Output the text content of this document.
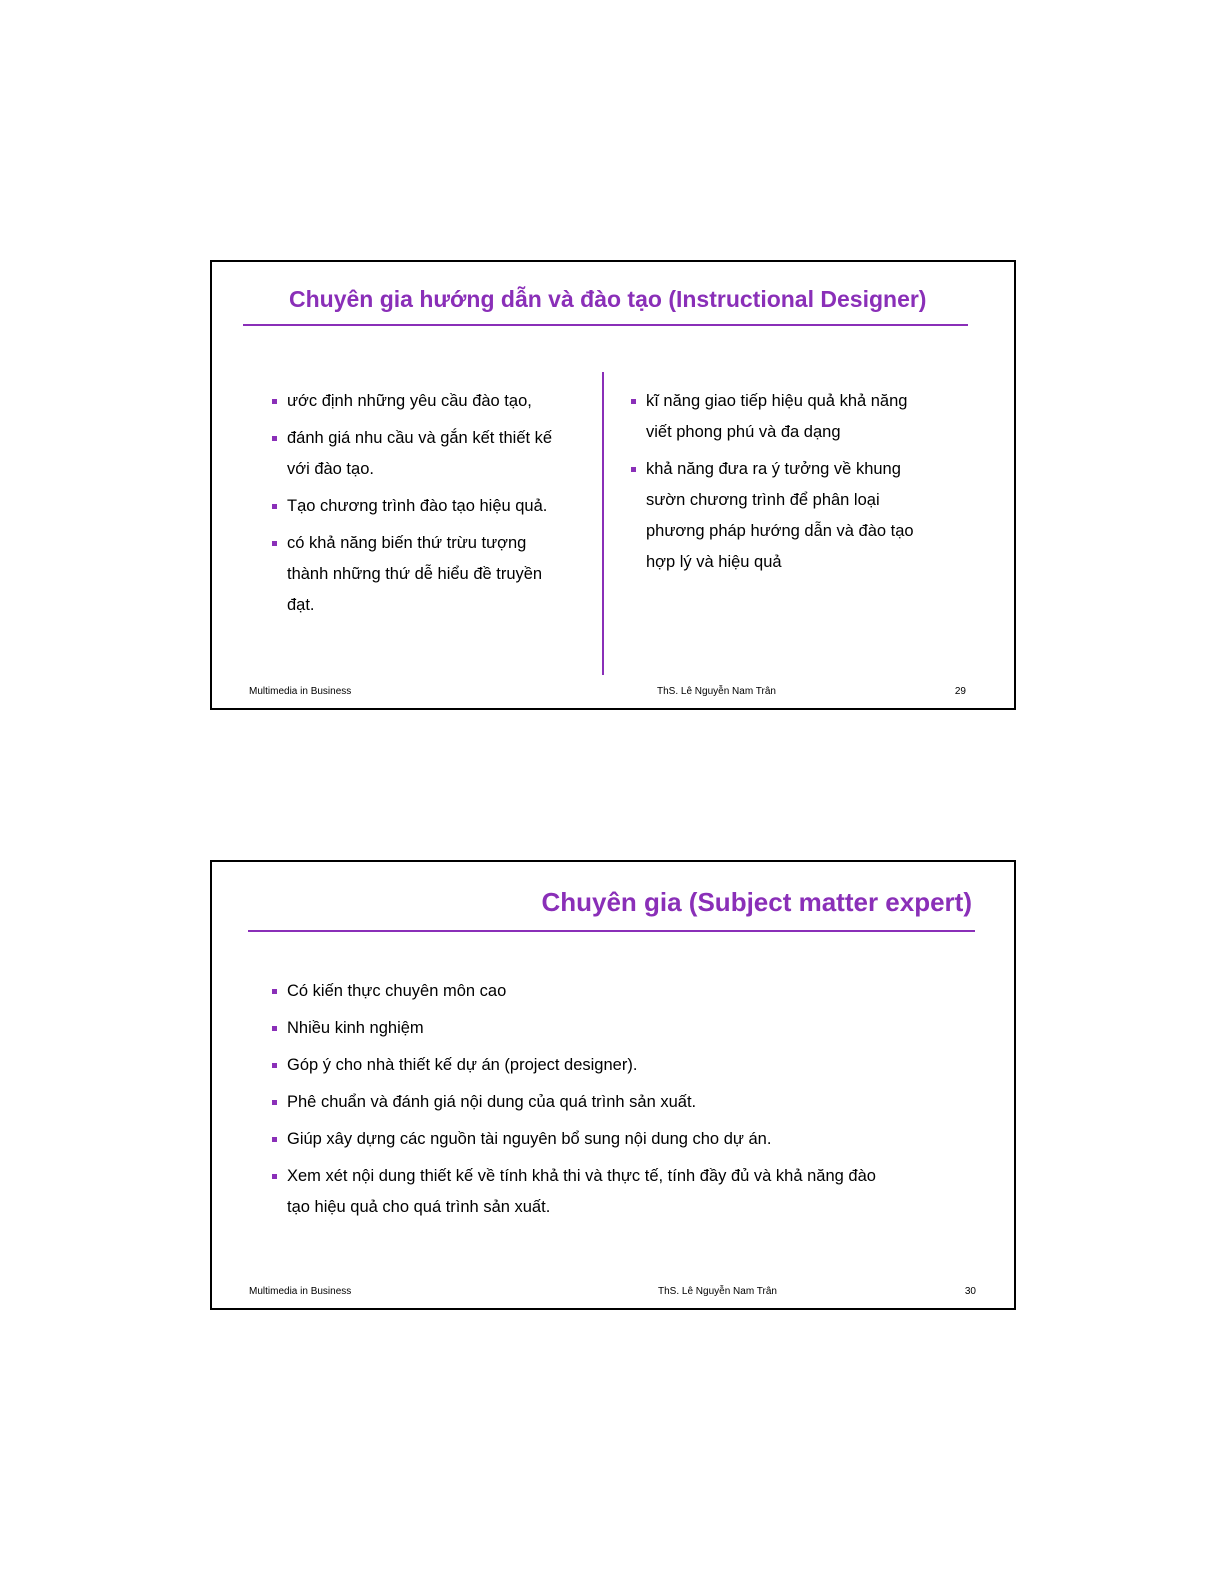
Chuyên gia hướng dẫn và đào tạo (Instructional Designer)
ước định những yêu cầu đào tạo,
đánh giá nhu cầu và gắn kết thiết kế với đào tạo.
Tạo chương trình đào tạo hiệu quả.
có khả năng biến thứ trừu tượng thành những thứ dễ hiểu đề truyền đạt.
kĩ năng giao tiếp hiệu quả khả năng viết phong phú và đa dạng
khả năng đưa ra ý tưởng về khung sườn chương trình để phân loại phương pháp hướng dẫn và đào tạo hợp lý và hiệu quả
Multimedia in Business	ThS. Lê Nguyễn Nam Trân	29
Chuyên gia (Subject matter expert)
Có kiến thực chuyên môn cao
Nhiều kinh nghiệm
Góp ý cho nhà thiết kế dự án (project designer).
Phê chuẩn và đánh giá nội dung của quá trình sản xuất.
Giúp xây dựng các nguồn tài nguyên bổ sung nội dung cho dự án.
Xem xét nội dung thiết kế về tính khả thi và thực tế, tính đầy đủ và khả năng đào tạo hiệu quả cho quá trình sản xuất.
Multimedia in Business	ThS. Lê Nguyễn Nam Trân	30
